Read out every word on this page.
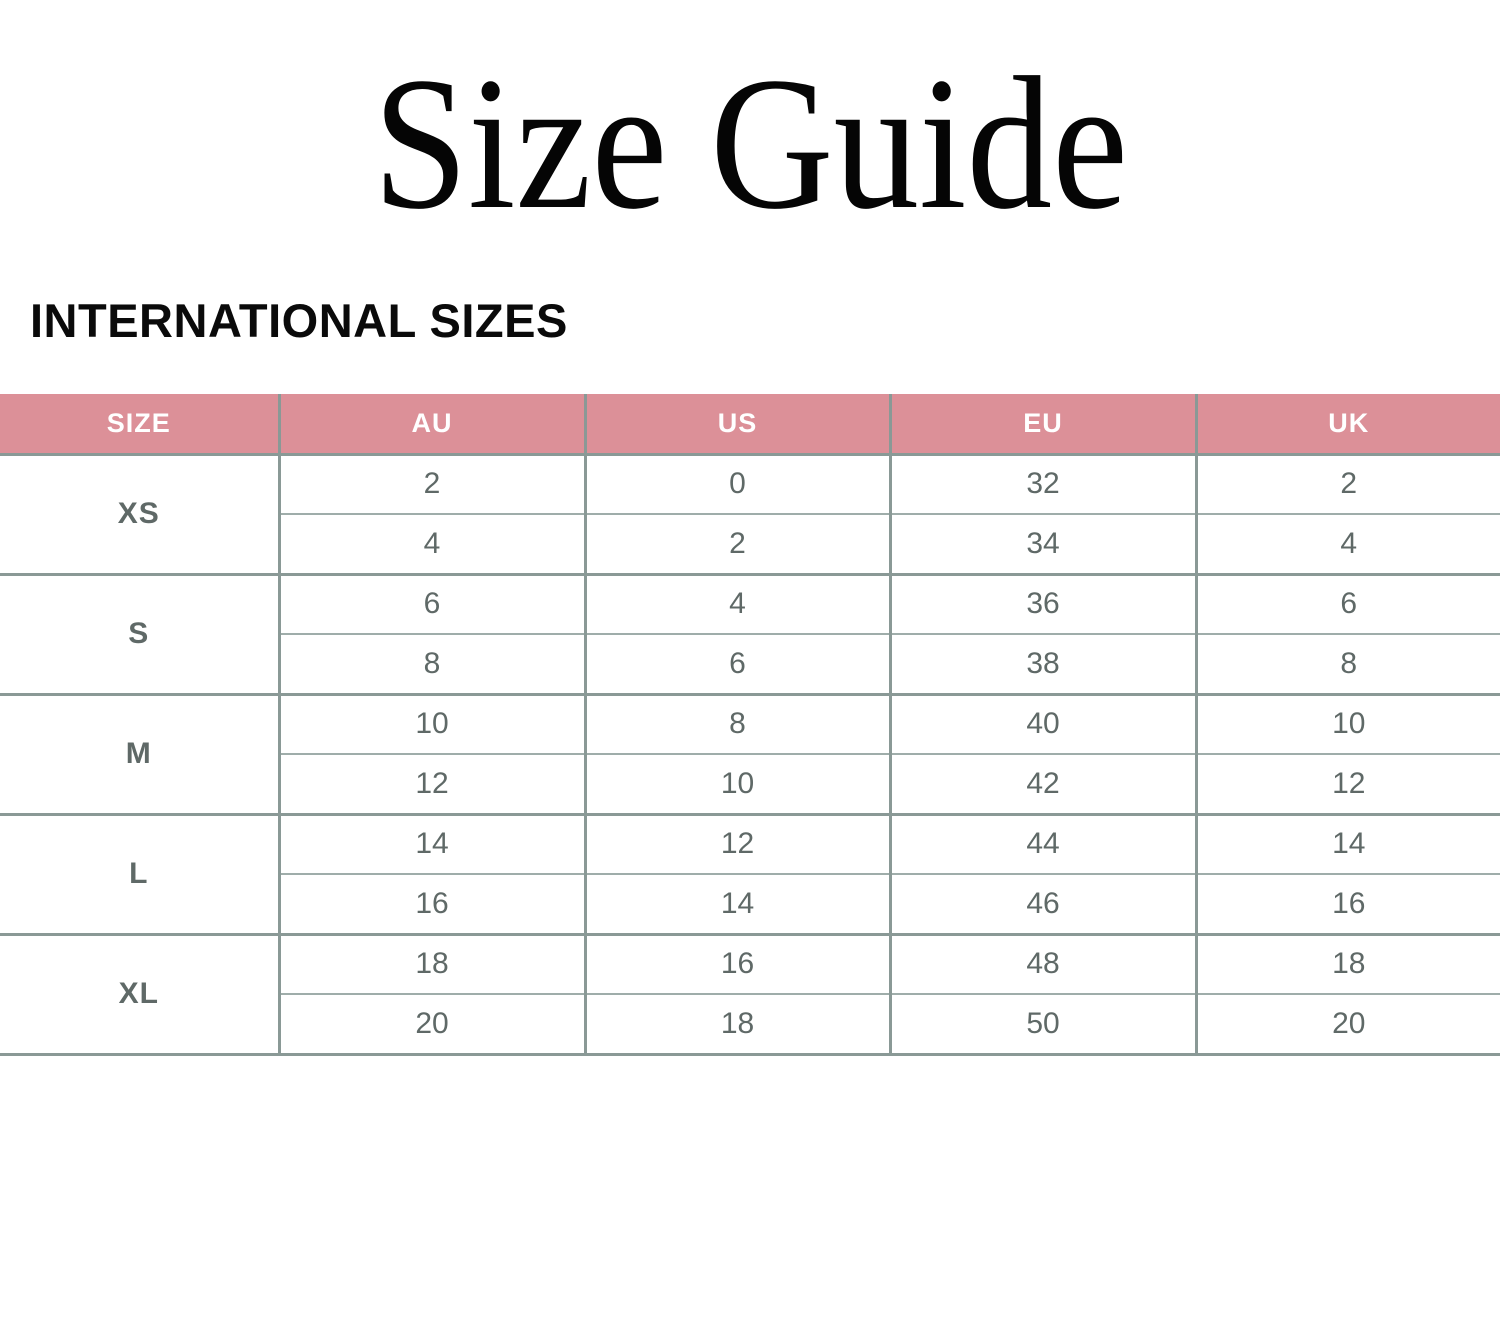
Size Guide
INTERNATIONAL SIZES
SIZE	AU	US	EU	UK
XS	2	0	32	2
	4	2	34	4
S	6	4	36	6
	8	6	38	8
M	10	8	40	10
	12	10	42	12
L	14	12	44	14
	16	14	46	16
XL	18	16	48	18
	20	18	50	20
